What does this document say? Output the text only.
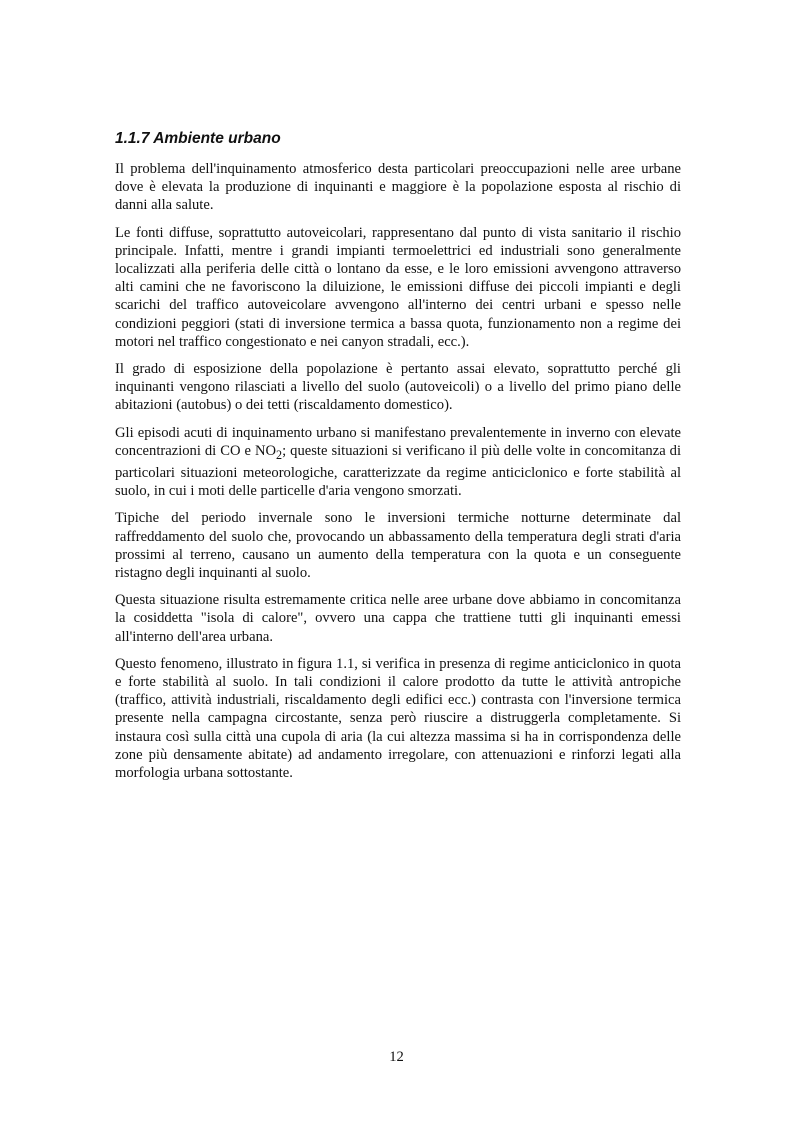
1.1.7 Ambiente urbano

Il problema dell'inquinamento atmosferico desta particolari preoccupazioni nelle aree urbane dove è elevata la produzione di inquinanti e maggiore è la popolazione esposta al rischio di danni alla salute.

Le fonti diffuse, soprattutto autoveicolari, rappresentano dal punto di vista sanitario il rischio principale. Infatti, mentre i grandi impianti termoelettrici ed industriali sono generalmente localizzati alla periferia delle città o lontano da esse, e le loro emissioni avvengono attraverso alti camini che ne favoriscono la diluizione, le emissioni diffuse dei piccoli impianti e degli scarichi del traffico autoveicolare avvengono all'interno dei centri urbani e spesso nelle condizioni peggiori (stati di inversione termica a bassa quota, funzionamento non a regime dei motori nel traffico congestionato e nei canyon stradali, ecc.).

Il grado di esposizione della popolazione è pertanto assai elevato, soprattutto perché gli inquinanti vengono rilasciati a livello del suolo (autoveicoli) o a livello del primo piano delle abitazioni (autobus) o dei tetti (riscaldamento domestico).

Gli episodi acuti di inquinamento urbano si manifestano prevalentemente in inverno con elevate concentrazioni di CO e $NO_2$; queste situazioni si verificano il più delle volte in concomitanza di particolari situazioni meteorologiche, caratterizzate da regime anticiclonico e forte stabilità al suolo, in cui i moti delle particelle d'aria vengono smorzati.

Tipiche del periodo invernale sono le inversioni termiche notturne determinate dal raffreddamento del suolo che, provocando un abbassamento della temperatura degli strati d'aria prossimi al terreno, causano un aumento della temperatura con la quota e un conseguente ristagno degli inquinanti al suolo.

Questa situazione risulta estremamente critica nelle aree urbane dove abbiamo in concomitanza la cosiddetta "isola di calore", ovvero una cappa che trattiene tutti gli inquinanti emessi all'interno dell'area urbana.

Questo fenomeno, illustrato in figura 1.1, si verifica in presenza di regime anticiclonico in quota e forte stabilità al suolo. In tali condizioni il calore prodotto da tutte le attività antropiche (traffico, attività industriali, riscaldamento degli edifici ecc.) contrasta con l'inversione termica presente nella campagna circostante, senza però riuscire a distruggerla completamente. Si instaura così sulla città una cupola di aria (la cui altezza massima si ha in corrispondenza delle zone più densamente abitate) ad andamento irregolare, con attenuazioni e rinforzi legati alla morfologia urbana sottostante.

12
